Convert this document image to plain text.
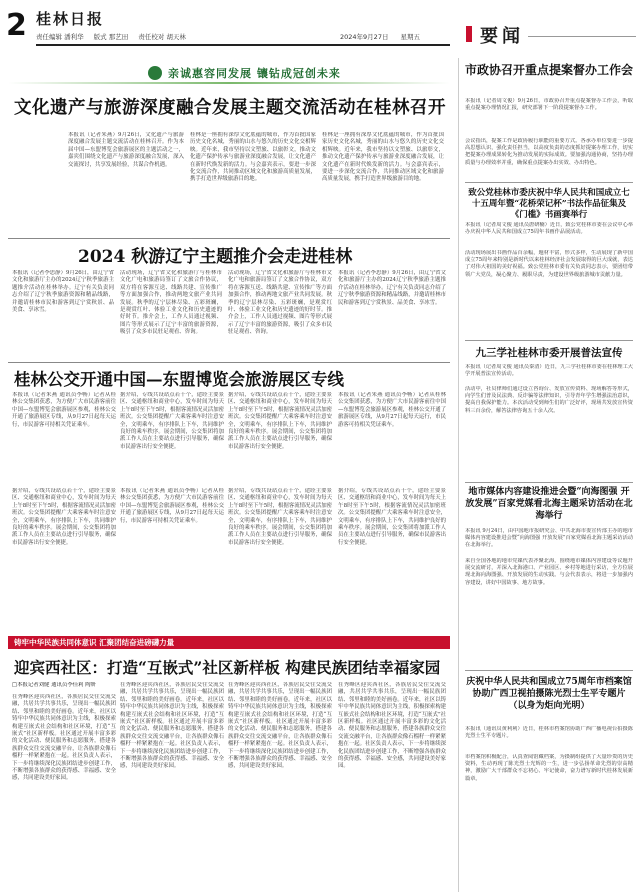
2 桂林日报
责任编辑 潘利华 版式 那艺田 责任校对 胡天林	2024年9月27日 星期五	要闻
亲诚惠容同发展 镶钻成冠创未来
文化遗产与旅游深度融合发展主题交流活动在桂林召开
本报讯（记者朱燕）9月26日，文化遗产与旅游深度融合发展主题交流活动在桂林召开。作为本届中国—东盟博览会旅游展区的主题活动之一，嘉宾们围绕文化遗产与旅游深度融合发展，深入交流探讨，共享发展经验，共谋合作机遇。
桂林是一座拥有深厚文化底蕴的城市，作为首批国家历史文化名城，秀丽的山水与悠久的历史文化交相辉映。近年来，我市坚持以文塑旅、以旅彰文，推动文化遗产保护传承与旅游业深度融合发展，让文化遗产在新时代焕发新的活力。与会嘉宾表示，要进一步深化交流合作，共同推动区域文化和旅游高质量发展，携手打造世界级旅游目的地。
桂林是一座拥有深厚文化底蕴的城市，作为首批国家历史文化名城，秀丽的山水与悠久的历史文化交相辉映。近年来，我市坚持以文塑旅、以旅彰文，推动文化遗产保护传承与旅游业深度融合发展，让文化遗产在新时代焕发新的活力。与会嘉宾表示，要进一步深化交流合作，共同推动区域文化和旅游高质量发展，携手打造世界级旅游目的地。
2024 秋游辽宁主题推介会走进桂林
本报讯（记者李思静）9月26日，由辽宁省文化和旅游厅主办的2024辽宁秋季旅游主题推介活动在桂林举办。辽宁有关负责同志介绍了辽宁秋季旅游资源和精品线路，并邀请桂林市民和游客到辽宁赏秋景、品美食、享冰雪。
活动现场，辽宁省文化和旅游厅与桂林市文化广电和旅游局签订了文旅合作协议，双方将在客源互送、线路共建、宣传推广等方面加强合作，推动两地文旅产业共同发展。秋季的辽宁层林尽染、五彩斑斓，是观赏红叶、体验工业文化和历史遗迹的好时节。推介会上，工作人员通过视频、图片等形式展示了辽宁丰富的旅游资源，吸引了众多市民驻足观看、咨询。
活动现场，辽宁省文化和旅游厅与桂林市文化广电和旅游局签订了文旅合作协议，双方将在客源互送、线路共建、宣传推广等方面加强合作，推动两地文旅产业共同发展。秋季的辽宁层林尽染、五彩斑斓，是观赏红叶、体验工业文化和历史遗迹的好时节。推介会上，工作人员通过视频、图片等形式展示了辽宁丰富的旅游资源，吸引了众多市民驻足观看、咨询。
本报讯（记者李思静）9月26日，由辽宁省文化和旅游厅主办的2024辽宁秋季旅游主题推介活动在桂林举办。辽宁有关负责同志介绍了辽宁秋季旅游资源和精品线路，并邀请桂林市民和游客到辽宁赏秋景、品美食、享冰雪。
桂林公交开通中国—东盟博览会旅游展区专线
本报讯（记者朱燕 通讯员李畅）记者从桂林公交集团获悉，为方便广大市民游客前往中国—东盟博览会旅游展区参观，桂林公交开通了旅游展区专线，从9月27日起每天运行，市民游客可持相关凭证乘车。
据介绍，专线共设站点若干个，途经主要景区、交通枢纽和商业中心，发车时间为每天上午8时至下午5时，根据客流情况灵活加密班次。公交集团提醒广大乘客乘车时注意安全，文明乘车，有序排队上下车，共同维护良好的乘车秩序。展会期间，公交集团将加派工作人员在主要站点进行引导服务，确保市民游客出行安全便捷。
据介绍，专线共设站点若干个，途经主要景区、交通枢纽和商业中心，发车时间为每天上午8时至下午5时，根据客流情况灵活加密班次。公交集团提醒广大乘客乘车时注意安全，文明乘车，有序排队上下车，共同维护良好的乘车秩序。展会期间，公交集团将加派工作人员在主要站点进行引导服务，确保市民游客出行安全便捷。
本报讯（记者朱燕 通讯员李畅）记者从桂林公交集团获悉，为方便广大市民游客前往中国—东盟博览会旅游展区参观，桂林公交开通了旅游展区专线，从9月27日起每天运行，市民游客可持相关凭证乘车。
据介绍，专线共设站点若干个，途经主要景区、交通枢纽和商业中心，发车时间为每天上午8时至下午5时，根据客流情况灵活加密班次。公交集团提醒广大乘客乘车时注意安全，文明乘车，有序排队上下车，共同维护良好的乘车秩序。展会期间，公交集团将加派工作人员在主要站点进行引导服务，确保市民游客出行安全便捷。
本报讯（记者朱燕 通讯员李畅）记者从桂林公交集团获悉，为方便广大市民游客前往中国—东盟博览会旅游展区参观，桂林公交开通了旅游展区专线，从9月27日起每天运行，市民游客可持相关凭证乘车。
据介绍，专线共设站点若干个，途经主要景区、交通枢纽和商业中心，发车时间为每天上午8时至下午5时，根据客流情况灵活加密班次。公交集团提醒广大乘客乘车时注意安全，文明乘车，有序排队上下车，共同维护良好的乘车秩序。展会期间，公交集团将加派工作人员在主要站点进行引导服务，确保市民游客出行安全便捷。
据介绍，专线共设站点若干个，途经主要景区、交通枢纽和商业中心，发车时间为每天上午8时至下午5时，根据客流情况灵活加密班次。公交集团提醒广大乘客乘车时注意安全，文明乘车，有序排队上下车，共同维护良好的乘车秩序。展会期间，公交集团将加派工作人员在主要站点进行引导服务，确保市民游客出行安全便捷。
铸牢中华民族共同体意识 汇聚团结奋进磅礴力量
迎宾西社区：打造“互嵌式”社区新样板 构建民族团结幸福家园
□本报记者刘健 通讯员李佳莉 陶妍
在秀峰区迎宾西社区，各族居民交往交流交融，共居共学共事共乐，呈现出一幅民族团结、邻里和睦的美好画卷。近年来，社区以铸牢中华民族共同体意识为主线，积极探索构建互嵌式社会结构和社区环境，打造“互嵌式”社区新样板。社区通过开展丰富多彩的文化活动、便民服务和志愿服务，搭建各族群众交往交流交融平台，让各族群众像石榴籽一样紧紧抱在一起。社区负责人表示，下一步将继续深化民族团结进步创建工作，不断增强各族群众的获得感、幸福感、安全感，共同建设美好家园。
在秀峰区迎宾西社区，各族居民交往交流交融，共居共学共事共乐，呈现出一幅民族团结、邻里和睦的美好画卷。近年来，社区以铸牢中华民族共同体意识为主线，积极探索构建互嵌式社会结构和社区环境，打造“互嵌式”社区新样板。社区通过开展丰富多彩的文化活动、便民服务和志愿服务，搭建各族群众交往交流交融平台，让各族群众像石榴籽一样紧紧抱在一起。社区负责人表示，下一步将继续深化民族团结进步创建工作，不断增强各族群众的获得感、幸福感、安全感，共同建设美好家园。
在秀峰区迎宾西社区，各族居民交往交流交融，共居共学共事共乐，呈现出一幅民族团结、邻里和睦的美好画卷。近年来，社区以铸牢中华民族共同体意识为主线，积极探索构建互嵌式社会结构和社区环境，打造“互嵌式”社区新样板。社区通过开展丰富多彩的文化活动、便民服务和志愿服务，搭建各族群众交往交流交融平台，让各族群众像石榴籽一样紧紧抱在一起。社区负责人表示，下一步将继续深化民族团结进步创建工作，不断增强各族群众的获得感、幸福感、安全感，共同建设美好家园。
在秀峰区迎宾西社区，各族居民交往交流交融，共居共学共事共乐，呈现出一幅民族团结、邻里和睦的美好画卷。近年来，社区以铸牢中华民族共同体意识为主线，积极探索构建互嵌式社会结构和社区环境，打造“互嵌式”社区新样板。社区通过开展丰富多彩的文化活动、便民服务和志愿服务，搭建各族群众交往交流交融平台，让各族群众像石榴籽一样紧紧抱在一起。社区负责人表示，下一步将继续深化民族团结进步创建工作，不断增强各族群众的获得感、幸福感、安全感，共同建设美好家园。
市政协召开重点提案督办工作会
本报讯（记者周文俊）9月26日，市政协召开重点提案督办工作会，听取重点提案办理情况汇报，研究部署下一阶段提案督办工作。
会议指出，提案工作是政协履行职能的重要方式。各承办单位要进一步提高思想认识，强化责任担当，以高度负责的态度抓好提案办理工作，切实把提案办理成果转化为推动发展的实际成效。要加强沟通协商，坚持办理质量与办理效率并重，确保重点提案办出实效、办出特色。
致公党桂林市委庆祝中华人民共和国成立七十五周年暨“花桥荣记杯”书法作品征集及《门槛》书画赛举行
本报讯（记者周文俊 通讯员唐研楠）近日，致公党桂林市委在会议中心举办庆祝中华人民共和国成立75周年书画作品展活动。
活动现场展出书画作品百余幅，题材丰富，形式多样，生动展现了新中国成立75周年来特别是新时代以来桂林经济社会发展取得的巨大成就，表达了对伟大祖国的美好祝福。致公党桂林市委有关负责同志表示，要团结带领广大党员，凝心聚力、履职尽责，为建设世界级旅游城市贡献力量。
九三学社桂林市委开展普法宣传
本报讯（记者周文俊 通讯员秦清）近日，九三学社桂林市委在桂林理工大学开展普法宣传活动。
活动中，社员律师们通过设立咨询台、发放宣传资料、现场解答等形式，向学生们普及民法典、反诈骗等法律知识，引导青年学生增强法治意识，提高自我保护能力。本次活动受到师生们的广泛好评，现场共发放宣传资料三百余份，解答法律咨询五十余人次。
地市媒体内容建设推进会暨“向海图强 开放发展”百家党媒看北海主题采访活动在北海举行
本报讯 9月24日，由中国地市报研究会、中共北海市委宣传部主办的地市媒体内容建设推进会暨“向海图强 开放发展”百家党媒看北海主题采访活动在北海举行。
来自全国各地的地市党媒代表齐聚北海，围绕地市媒体内容建设等议题开展交流研讨，并深入北海港口、产业园区、乡村等地进行采访，全方位展现北海向海图强、开放发展的生动实践。与会代表表示，将进一步加强内容建设，讲好中国故事、地方故事。
庆祝中华人民共和国成立75周年市档案馆协助广西卫视拍摄陈光烈士生平专题片（以身为炬向光明）
本报讯（通讯员黄利利）近日，桂林市档案馆协助广西广播电视台拍摄陈光烈士生平专题片。
市档案馆积极配合，认真查阅馆藏档案，为摄制组提供了大量珍贵的历史资料，生动再现了陈光烈士光辉的一生，进一步弘扬革命先烈的崇高精神，激励广大干部群众不忘初心、牢记使命，奋力谱写新时代桂林发展新篇章。
